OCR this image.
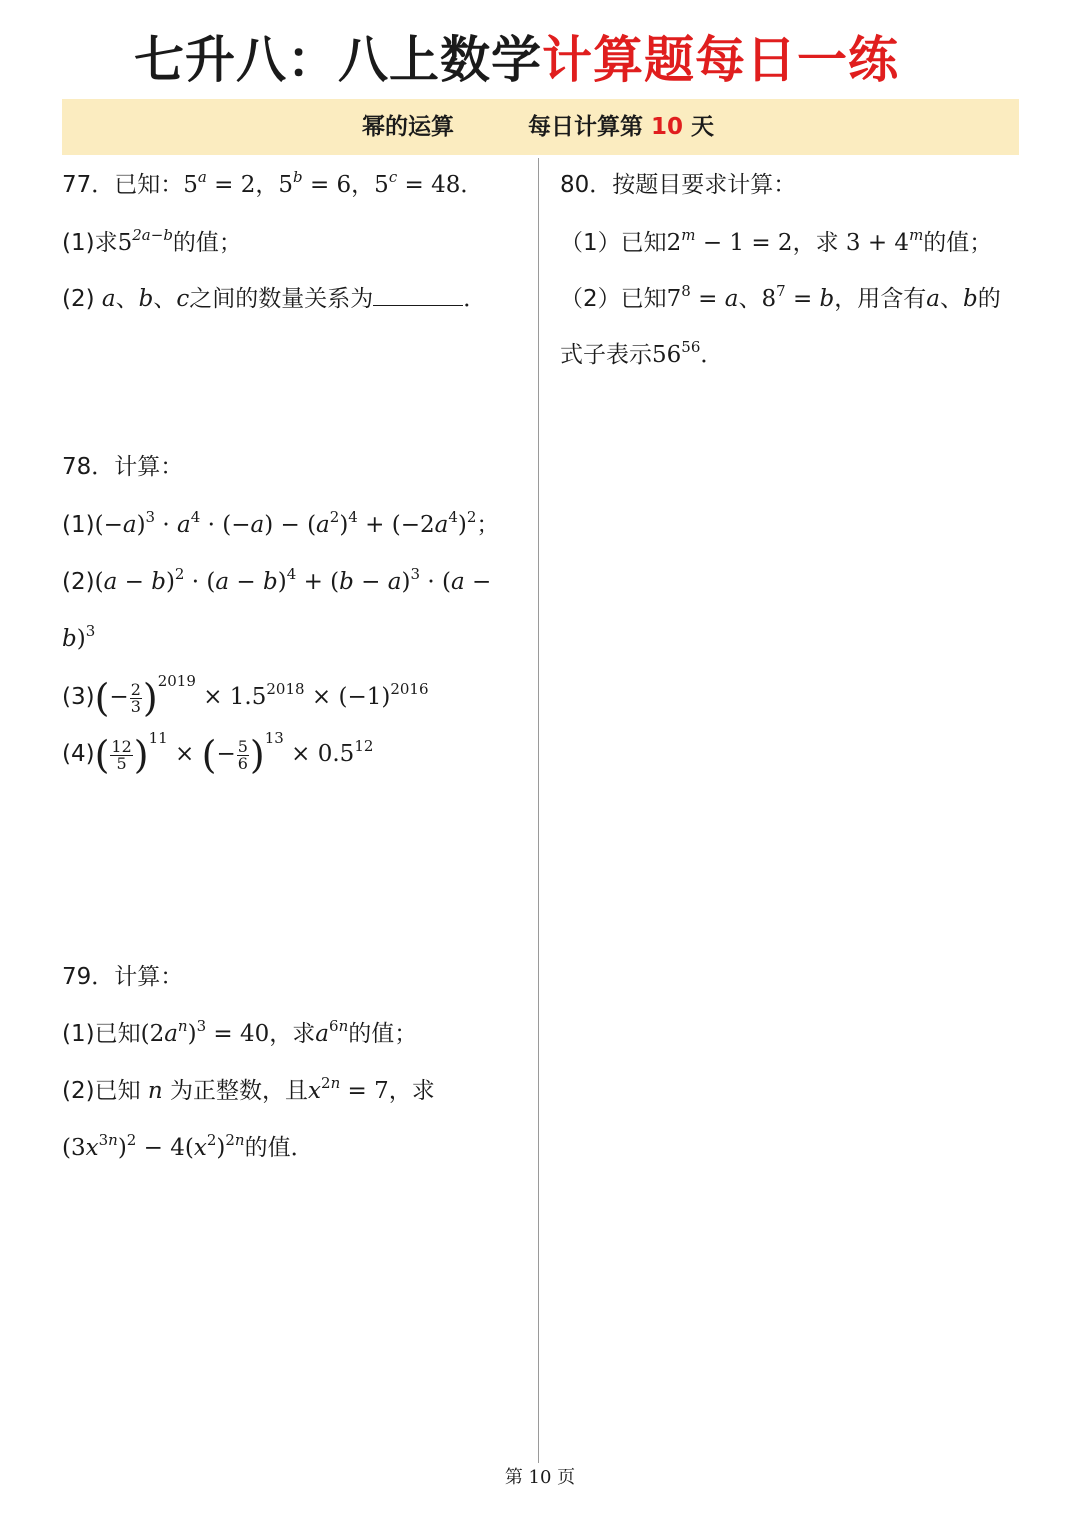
七升八：八上数学计算题每日一练
幂的运算	每日计算第 10 天
77．已知：$5^a = 2$，$5^b = 6$，$5^c = 48$．
(1)求$5^{2a-b}$的值；
(2) a、b、c之间的数量关系为	．
78．计算：
$(1)(-a)^3 \cdot a^4 \cdot (-a) - (a^2)^4 + (-2a^4)^2$；
$(2)(a - b)^2 \cdot (a - b)^4 + (b - a)^3 \cdot (a$ −
b)$^3$
$(3)(- \frac{2}{3} )^{2019} \times 1.5^{2018} \times (-1)^{2016}$
$(4)( \frac{12}{5} )^{11}$ × (− $\frac{5}{6} )^{13} \times 0.5^{12}$
79．计算：
(1)已知$(2a^n)^3 = 40$，求$a^{6n}$的值；
(2)已知 n 为正整数，且$x^{2n} = 7$，求
$(3x^{3n})^2 - 4(x^2)^{2n}$的值．
80．按题目要求计算：
（1）已知$2^m - 1 = 2$，求 $3 + 4^m$的值；
（2）已知$7^8 = a$、$8^7 = b$，用含有a、b的
式子表示$56^{56}$．
第 10 页
